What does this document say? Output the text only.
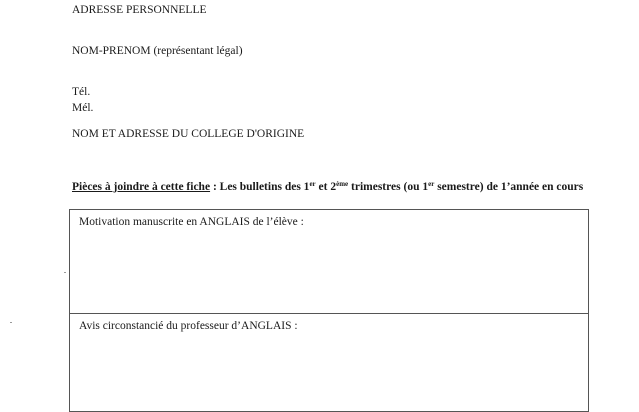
ADRESSE PERSONNELLE
NOM-PRENOM (représentant légal)
Tél.
Mél.
NOM ET ADRESSE DU COLLEGE D'ORIGINE
Pièces à joindre à cette fiche : Les bulletins des 1er et 2ème trimestres (ou 1er semestre) de 1’année en cours
Motivation manuscrite en ANGLAIS de l’élève :
Avis circonstancié du professeur d’ANGLAIS :
